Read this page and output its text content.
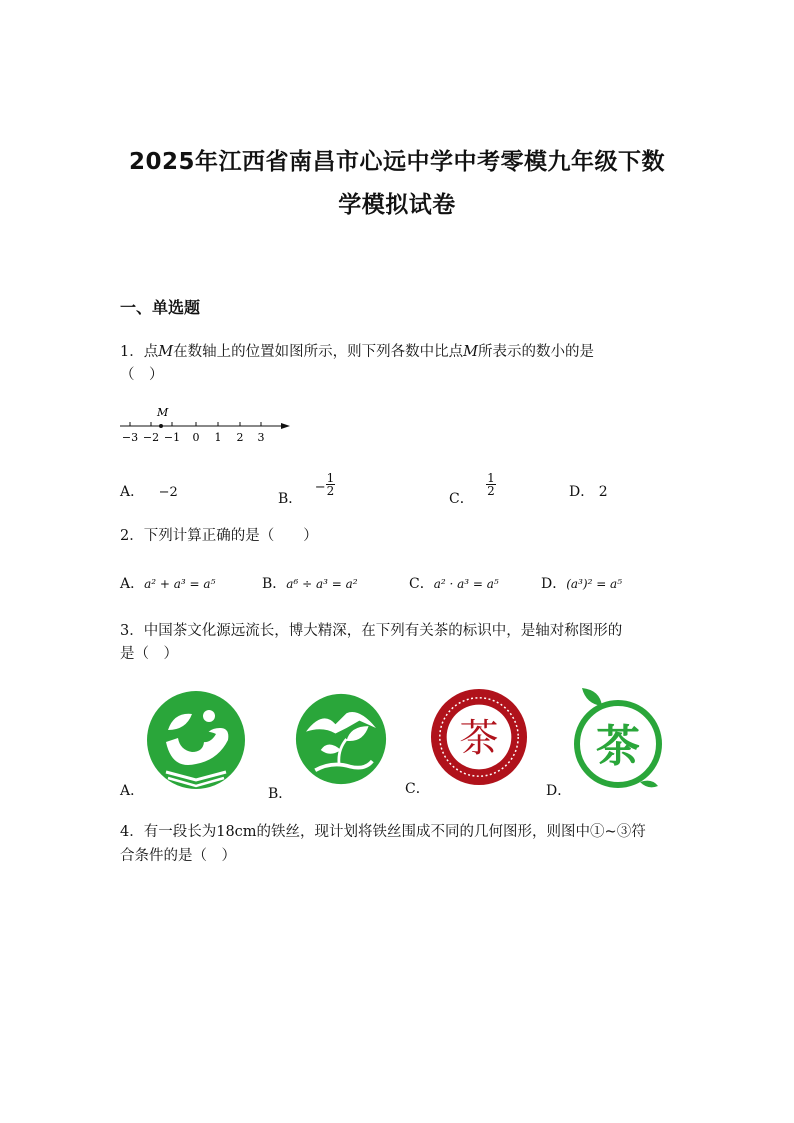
2025年江西省南昌市心远中学中考零模九年级下数
学模拟试卷
一、单选题
1．点M在数轴上的位置如图所示，则下列各数中比点M所表示的数小的是
（　）
M
−3 −2 −1 0 1 2 3
A． −2	B． − $\frac{1}{2}$
C．
$\frac{1}{2}$	D． 2
2．下列计算正确的是（　　）
A．a² + a³ = a⁵	B．a⁶ ÷ a³ = a²	C．a² · a³ = a⁵	D．(a³)² = a⁵
3．中国茶文化源远流长，博大精深，在下列有关茶的标识中，是轴对称图形的
是（　）
A．	B．
茶
C．
茶
D．
4．有一段长为18cm的铁丝，现计划将铁丝围成不同的几何图形，则图中①~③符
合条件的是（　）
